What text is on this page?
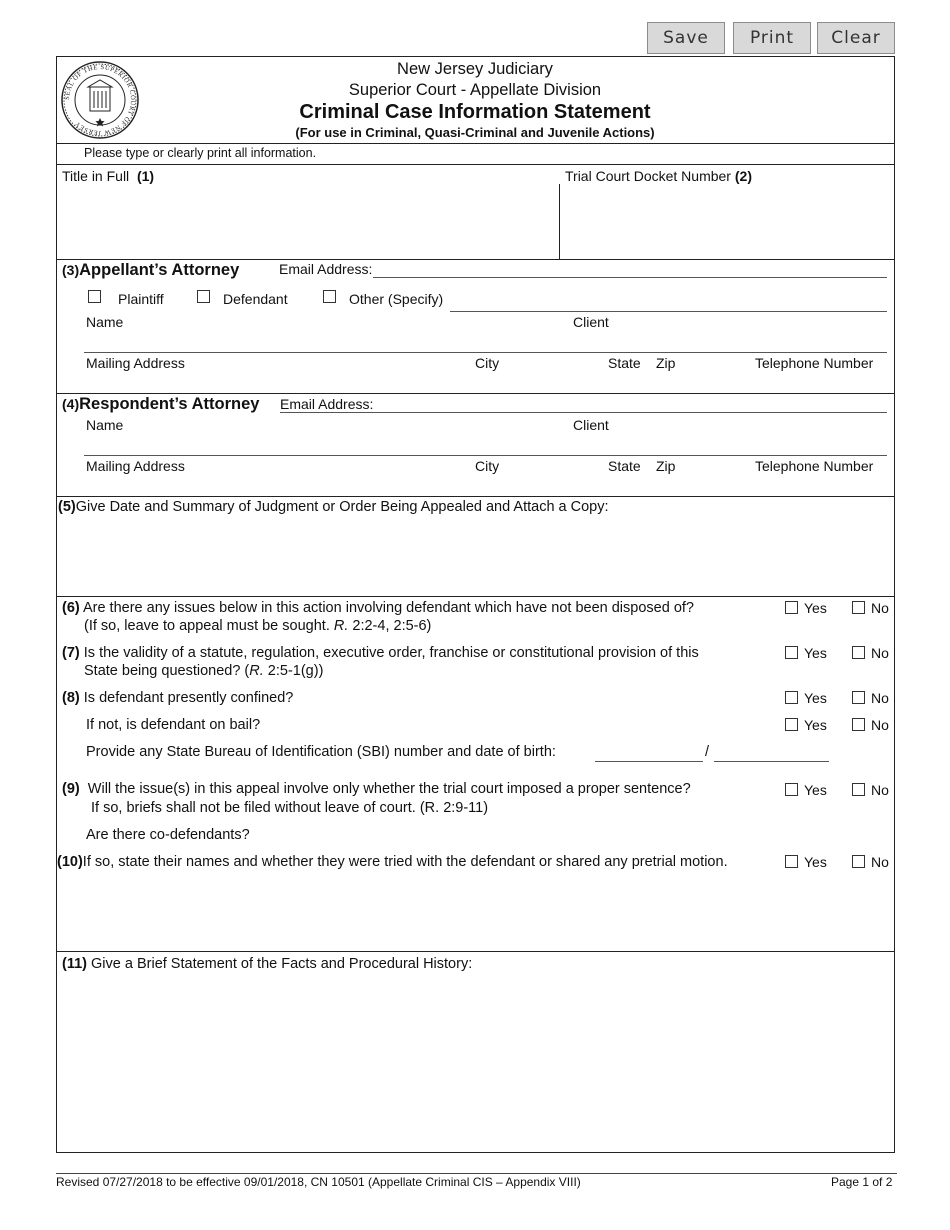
Save	Print	Clear
SEAL OF THE SUPERIOR COURT OF NEW JERSEY
New Jersey Judiciary
Superior Court - Appellate Division
Criminal Case Information Statement
(For use in Criminal, Quasi-Criminal and Juvenile Actions)
Please type or clearly print all information.
Title in Full (1)	Trial Court Docket Number (2)
(3)Appellant’s Attorney	Email Address:
Plaintiff	Defendant	Other (Specify)
Name	Client
Mailing Address	City	State Zip	Telephone Number
(4)Respondent’s Attorney Email Address:
Name	Client
Mailing Address	City	State Zip	Telephone Number
(5)Give Date and Summary of Judgment or Order Being Appealed and Attach a Copy:
(6) Are there any issues below in this action involving defendant which have not been disposed of?
(If so, leave to appeal must be sought. R. 2:2-4, 2:5-6)
Yes	No
(7) Is the validity of a statute, regulation, executive order, franchise or constitutional provision of this
State being questioned? (R. 2:5-1(g))
Yes	No
(8) Is defendant presently confined?	Yes	No
If not, is defendant on bail?	Yes	No
Provide any State Bureau of Identification (SBI) number and date of birth:	/
(9) Will the issue(s) in this appeal involve only whether the trial court imposed a proper sentence?
If so, briefs shall not be filed without leave of court. (R. 2:9-11)
Yes	No
Are there co-defendants?
(10)If so, state their names and whether they were tried with the defendant or shared any pretrial motion.	Yes	No
(11) Give a Brief Statement of the Facts and Procedural History:
Revised 07/27/2018 to be effective 09/01/2018, CN 10501 (Appellate Criminal CIS – Appendix VIII)	Page 1 of 2
